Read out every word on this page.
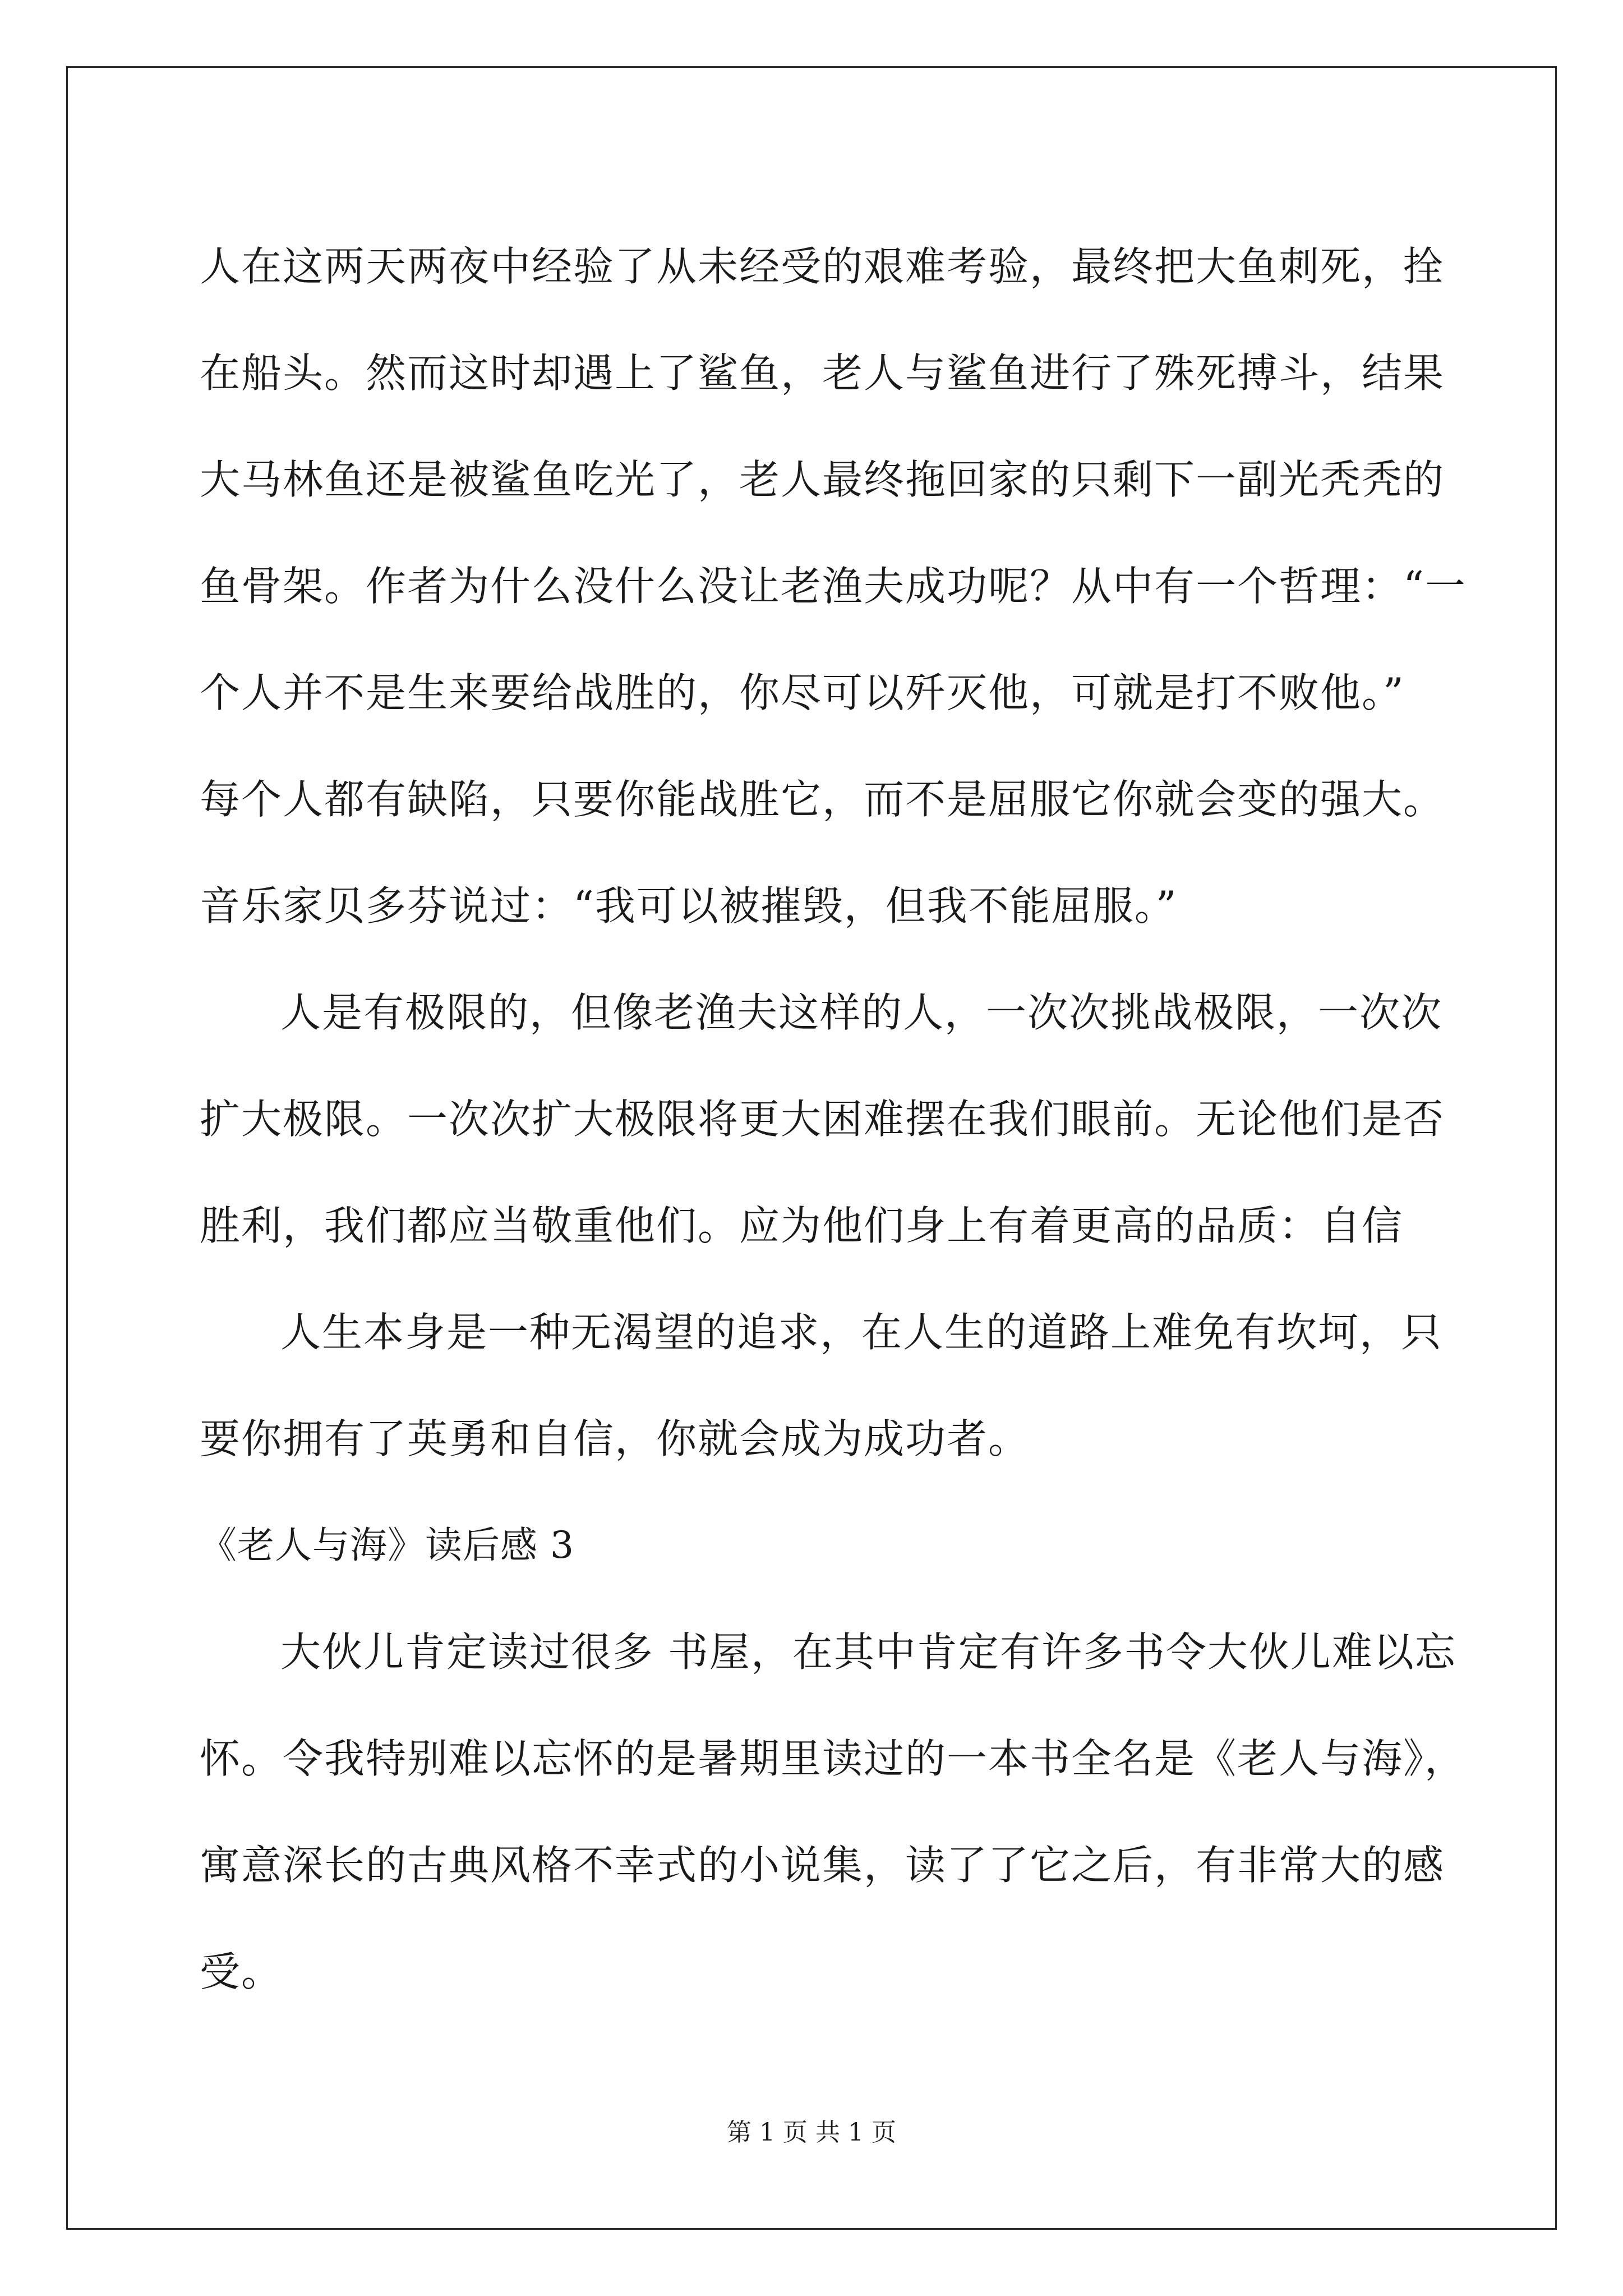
人在这两天两夜中经验了从未经受的艰难考验，最终把大鱼刺死，拴
在船头。然而这时却遇上了鲨鱼，老人与鲨鱼进行了殊死搏斗，结果
大马林鱼还是被鲨鱼吃光了，老人最终拖回家的只剩下一副光秃秃的
鱼骨架。作者为什么没什么没让老渔夫成功呢？从中有一个哲理：“一
个人并不是生来要给战胜的，你尽可以歼灭他，可就是打不败他。”
每个人都有缺陷，只要你能战胜它，而不是屈服它你就会变的强大。
音乐家贝多芬说过：“我可以被摧毁，但我不能屈服。”
人是有极限的，但像老渔夫这样的人，一次次挑战极限，一次次
扩大极限。一次次扩大极限将更大困难摆在我们眼前。无论他们是否
胜利，我们都应当敬重他们。应为他们身上有着更高的品质：自信
人生本身是一种无渴望的追求，在人生的道路上难免有坎坷，只
要你拥有了英勇和自信，你就会成为成功者。
《老人与海》读后感 3
大伙儿肯定读过很多 书屋，在其中肯定有许多书令大伙儿难以忘
怀。令我特别难以忘怀的是暑期里读过的一本书全名是《老人与海》，
寓意深长的古典风格不幸式的小说集，读了了它之后，有非常大的感
受。
第 1 页 共 1 页
